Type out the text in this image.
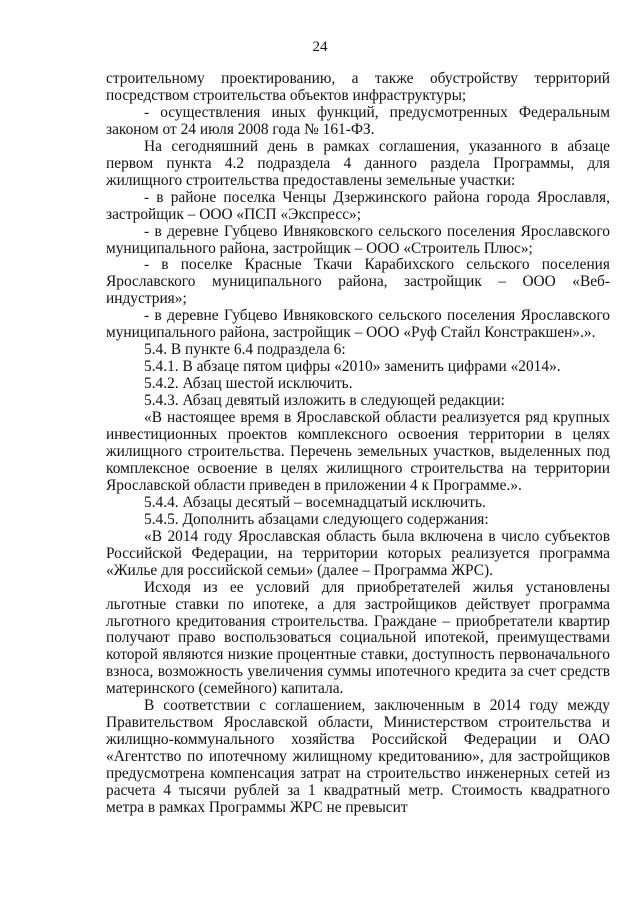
24

строительному проектированию, а также обустройству территорий посредством строительства объектов инфраструктуры;

- осуществления иных функций, предусмотренных Федеральным законом от 24 июля 2008 года № 161-ФЗ.

На сегодняшний день в рамках соглашения, указанного в абзаце первом пункта 4.2 подраздела 4 данного раздела Программы, для жилищного строительства предоставлены земельные участки:

- в районе поселка Ченцы Дзержинского района города Ярославля, застройщик – ООО «ПСП «Экспресс»;

- в деревне Губцево Ивняковского сельского поселения Ярославского муниципального района, застройщик – ООО «Строитель Плюс»;

- в поселке Красные Ткачи Карабихского сельского поселения Ярославского муниципального района, застройщик – ООО «Веб-индустрия»;

- в деревне Губцево Ивняковского сельского поселения Ярославского муниципального района, застройщик – ООО «Руф Стайл Констракшен».».

5.4. В пункте 6.4 подраздела 6:

5.4.1. В абзаце пятом цифры «2010» заменить цифрами «2014».

5.4.2. Абзац шестой исключить.

5.4.3. Абзац девятый изложить в следующей редакции:

«В настоящее время в Ярославской области реализуется ряд крупных инвестиционных проектов комплексного освоения территории в целях жилищного строительства. Перечень земельных участков, выделенных под комплексное освоение в целях жилищного строительства на территории Ярославской области приведен в приложении 4 к Программе.».

5.4.4. Абзацы десятый – восемнадцатый исключить.

5.4.5. Дополнить абзацами следующего содержания:

«В 2014 году Ярославская область была включена в число субъектов Российской Федерации, на территории которых реализуется программа «Жилье для российской семьи» (далее – Программа ЖРС).

Исходя из ее условий для приобретателей жилья установлены льготные ставки по ипотеке, а для застройщиков действует программа льготного кредитования строительства. Граждане – приобретатели квартир получают право воспользоваться социальной ипотекой, преимуществами которой являются низкие процентные ставки, доступность первоначального взноса, возможность увеличения суммы ипотечного кредита за счет средств материнского (семейного) капитала.

В соответствии с соглашением, заключенным в 2014 году между Правительством Ярославской области, Министерством строительства и жилищно-коммунального хозяйства Российской Федерации и ОАО «Агентство по ипотечному жилищному кредитованию», для застройщиков предусмотрена компенсация затрат на строительство инженерных сетей из расчета 4 тысячи рублей за 1 квадратный метр. Стоимость квадратного метра в рамках Программы ЖРС не превысит
